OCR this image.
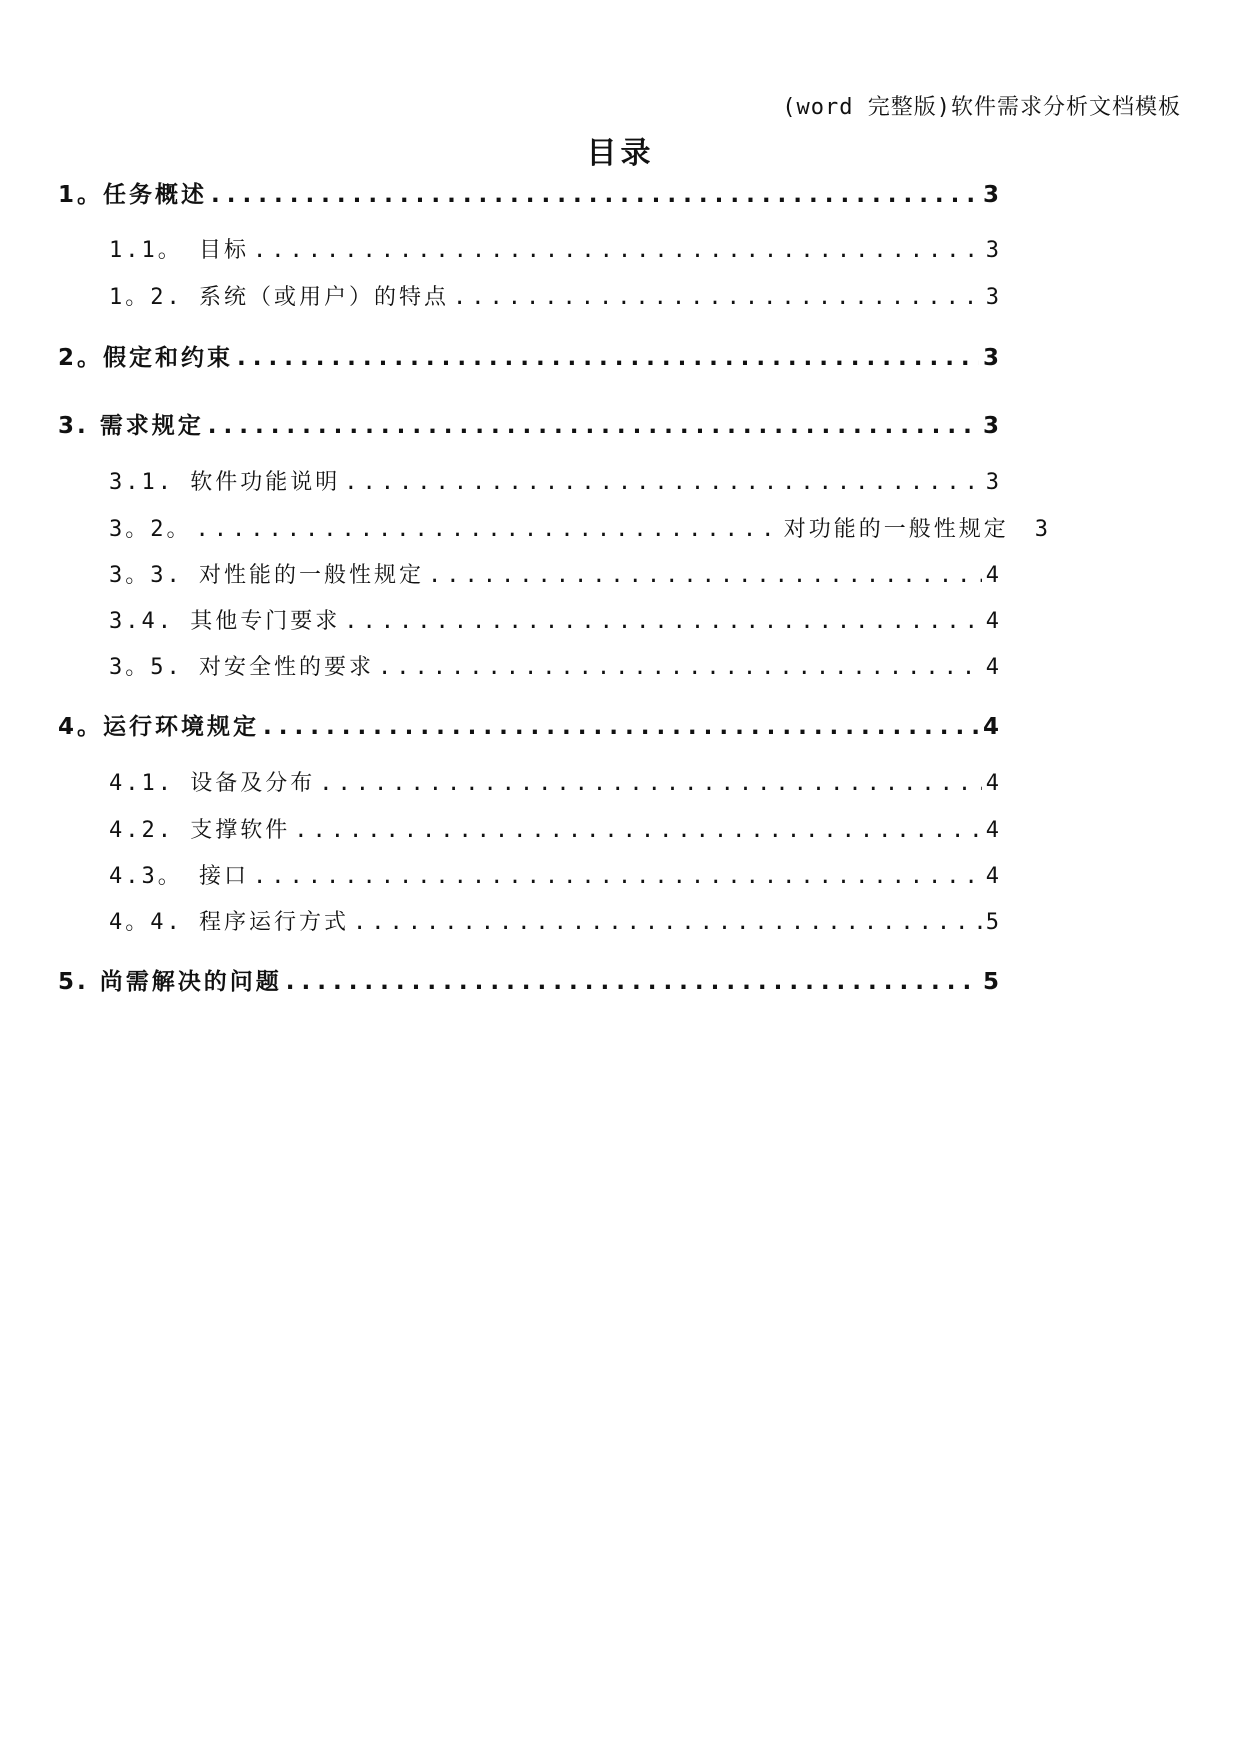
(word 完整版)软件需求分析文档模板
目录
1。任务概述 .....	3
1.1。 目标 .....	3
1。2. 系统（或用户）的特点 .....	3
2。假定和约束 .....	3
3. 需求规定 .....	3
3.1. 软件功能说明 .....	3
3。2。 .....	对功能的一般性规定 3
3。3. 对性能的一般性规定 .....	4
3.4. 其他专门要求 .....	4
3。5. 对安全性的要求 .....	4
4。运行环境规定 .....	4
4.1. 设备及分布 .....	4
4.2. 支撑软件 .....	4
4.3。 接口 .....	4
4。4. 程序运行方式 .....	5
5. 尚需解决的问题 .....	5
